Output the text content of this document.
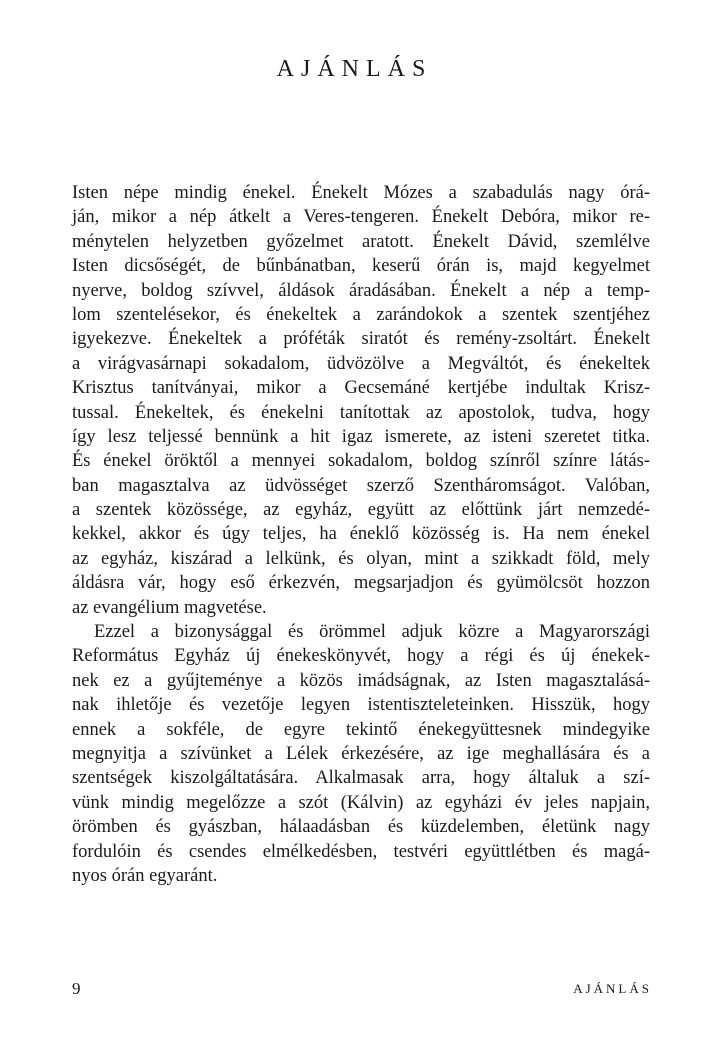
AJÁNLÁS
Isten népe mindig énekel. Énekelt Mózes a szabadulás nagy órá-
ján, mikor a nép átkelt a Veres-tengeren. Énekelt Debóra, mikor re-
ménytelen helyzetben győzelmet aratott. Énekelt Dávid, szemlélve
Isten dicsőségét, de bűnbánatban, keserű órán is, majd kegyelmet
nyerve, boldog szívvel, áldások áradásában. Énekelt a nép a temp-
lom szentelésekor, és énekeltek a zarándokok a szentek szentjéhez
igyekezve. Énekeltek a próféták siratót és remény-zsoltárt. Énekelt
a virágvasárnapi sokadalom, üdvözölve a Megváltót, és énekeltek
Krisztus tanítványai, mikor a Gecsemáné kertjébe indultak Krisz-
tussal. Énekeltek, és énekelni tanítottak az apostolok, tudva, hogy
így lesz teljessé bennünk a hit igaz ismerete, az isteni szeretet titka.
És énekel öröktől a mennyei sokadalom, boldog színről színre látás-
ban magasztalva az üdvösséget szerző Szentháromságot. Valóban,
a szentek közössége, az egyház, együtt az előttünk járt nemzedé-
kekkel, akkor és úgy teljes, ha éneklő közösség is. Ha nem énekel
az egyház, kiszárad a lelkünk, és olyan, mint a szikkadt föld, mely
áldásra vár, hogy eső érkezvén, megsarjadjon és gyümölcsöt hozzon
az evangélium magvetése.
Ezzel a bizonysággal és örömmel adjuk közre a Magyarországi
Református Egyház új énekeskönyvét, hogy a régi és új énekek-
nek ez a gyűjteménye a közös imádságnak, az Isten magasztalásá-
nak ihletője és vezetője legyen istentiszteleteinken. Hisszük, hogy
ennek a sokféle, de egyre tekintő énekegyüttesnek mindegyike
megnyitja a szívünket a Lélek érkezésére, az ige meghallására és a
szentségek kiszolgáltatására. Alkalmasak arra, hogy általuk a szí-
vünk mindig megelőzze a szót (Kálvin) az egyházi év jeles napjain,
örömben és gyászban, hálaadásban és küzdelemben, életünk nagy
fordulóin és csendes elmélkedésben, testvéri együttlétben és magá-
nyos órán egyaránt.
9	AJÁNLÁS
